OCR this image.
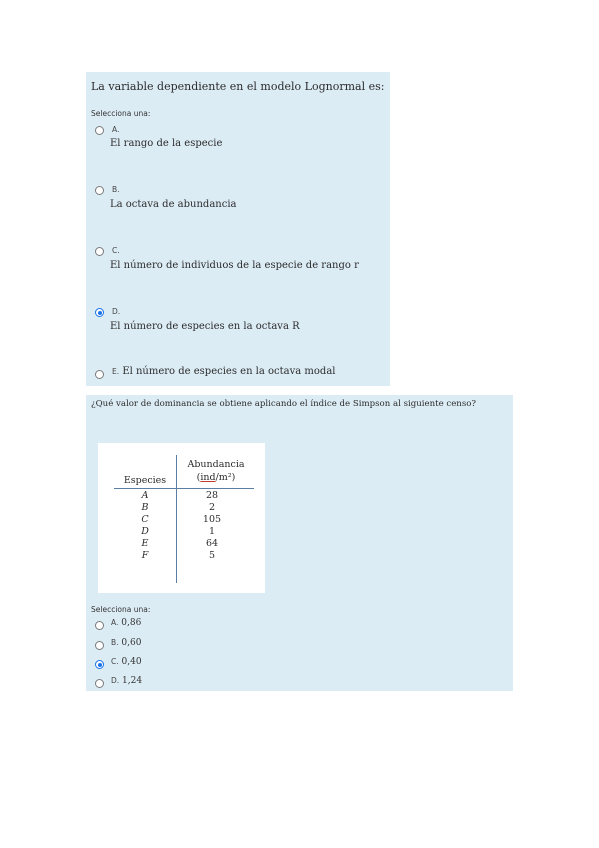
La variable dependiente en el modelo Lognormal es:
Selecciona una:
A.
El rango de la especie
B.
La octava de abundancia
C.
El número de individuos de la especie de rango r
D.
El número de especies en la octava R
E. El número de especies en la octava modal
¿Qué valor de dominancia se obtiene aplicando el índice de Simpson al siguiente censo?
Especies
Abundancia
(ind/m²)
A	28
B	2
C	105
D	1
E	64
F	5
Selecciona una:
A. 0,86
B. 0,60
C. 0,40
D. 1,24
